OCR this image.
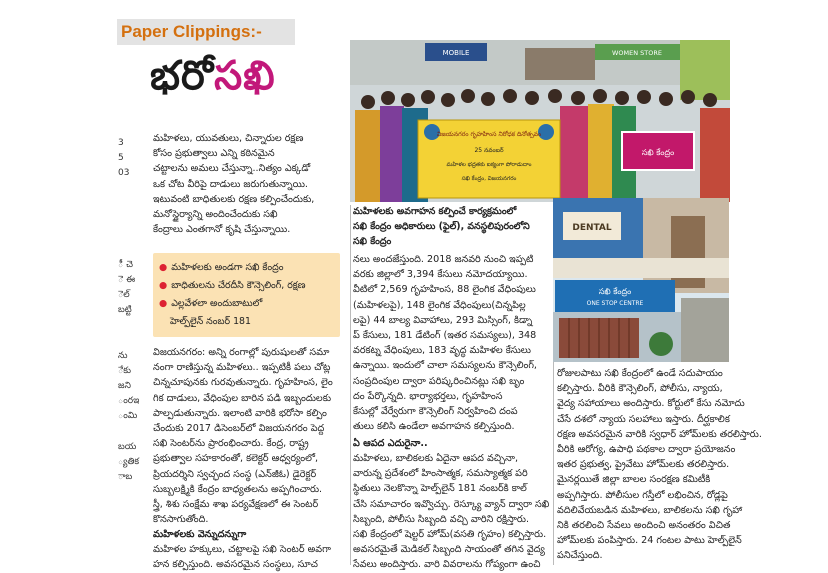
Paper Clippings:-
భరోసఖి
3
5
03
ీ చె
ె ఈ
ెల్
బట్టి
ను
ేకు
జని
ంరఇ
ంమి
బయ
్యతిక
ాబ
మహిళలు, యువతులు, చిన్నారుల రక్షణ
కోసం ప్రభుత్వాలు ఎన్ని కఠినమైన
చట్టాలను అమలు చేస్తున్నా..నిత్యం ఎక్కడో
ఒక చోట వీరిపై దాడులు జరుగుతున్నాయి.
ఇటువంటి బాధితులకు రక్షణ కల్పించేందుకు,
మనోస్థైర్యాన్ని అందించేందుకు సఖి
కేంద్రాలు ఎంతగానో కృషి చేస్తున్నాయి.
● మహిళలకు అండగా సఖి కేంద్రం
● బాధితులను చేరదీసి కౌన్సెలింగ్, రక్షణ
● ఎల్లవేళలా అందుబాటులో
హెల్ప్‌లైన్ నంబర్ 181
విజయనగరం: అన్ని రంగాల్లో పురుషులతో సమా
నంగా రాణిస్తున్న మహిళలు.. ఇప్పటికీ పలు చోట్ల
చిన్నచూపునకు గురవుతున్నారు. గృహహింస, లైం
గిక దాడులు, వేధింపుల బారిన పడి ఇబ్బందులకు
పాల్పడుతున్నారు. ఇలాంటి వారికి భరోసా కల్పిం
చేందుకు 2017 డిసెంబర్‌లో విజయనగరం పెద్ద
సఖి సెంటర్‌ను ప్రారంభించారు. కేంద్ర, రాష్ట్ర
ప్రభుత్వాల సహకారంతో, కలెక్టర్ ఆధ్వర్యంలో,
ప్రియదర్శిని స్వచ్ఛంద సంస్థ (ఎన్‌జీఓ) డైరెక్టర్
సుబ్బలక్ష్మికి కేంద్రం బాధ్యతలను అప్పగించారు.
స్త్రీ, శిశు సంక్షేమ శాఖ పర్యవేక్షణలో ఈ సెంటర్
కొనసాగుతోంది.
మహిళలకు వెన్నుదన్నుగా
మహిళల హక్కులు, చట్టాలపై సఖి సెంటర్ అవగా
హన కల్పిస్తుంది. అవసరమైన సంస్థలు, సూచ
MOBILE	WOMEN STORE
విజయనగరం గృహహింస నిరోధక దినోత్సవం
25 నవంబర్
మహిళల భద్రతకు ఐక్యంగా పోరాడుదాం
సఖి కేంద్రం, విజయనగరం
సఖి కేంద్రం
మహిళలకు అవగాహన కల్పించే కార్యక్రమంలో
సఖి కేంద్రం అధికారులు (ఫైల్), వనస్థలిపురంలోని
సఖి కేంద్రం
DENTAL
సఖి కేంద్రం
ONE STOP CENTRE
నలు అందజేస్తుంది. 2018 జనవరి నుంచి ఇప్పటి
వరకు జిల్లాలో 3,394 కేసులు నమోదయ్యాయి.
వీటిలో 2,569 గృహహింస, 88 లైంగిక వేధింపులు
(మహిళలపై), 148 లైంగిక వేధింపులు(చిన్నపిల్ల
లపై) 44 బాల్య వివాహాలు, 293 మిస్సింగ్, కిడ్నా
ప్ కేసులు, 181 డేటింగ్ (ఇతర సమస్యలు), 348
వరకట్న వేధింపులు, 183 వృద్ధ మహిళల కేసులు
ఉన్నాయి. ఇందులో చాలా సమస్యలను కౌన్సెలింగ్,
సంప్రదింపుల ద్వారా పరిష్కరించినట్లు సఖి బృం
దం పేర్కొన్నది. భార్యాభర్తలు, గృహహింస
కేసుల్లో వేర్వేరుగా కౌన్సెలింగ్ నిర్వహించి దంప
తులు కలిసి ఉండేలా అవగాహన కల్పిస్తుంది.
ఏ ఆపద ఎదురైనా..
మహిళలు, బాలికలకు ఏదైనా ఆపద వచ్చినా,
వారున్న ప్రదేశంలో హింసాత్మక, సమస్యాత్మక పరి
స్థితులు నెలకొన్నా హెల్ప్‌లైన్ 181 నంబర్‌కి కాల్
చేసి సమాచారం ఇవ్వొచ్చు. రెస్క్యూ వ్యాన్ ద్వారా సఖి
సిబ్బంది, పోలీసు సిబ్బంది వచ్చి వారిని రక్షిస్తారు.
సఖి కేంద్రంలో షెల్టర్ హోమ్(వసతి గృహం) కల్పిస్తారు.
అవసరమైతే మెడికల్ సిబ్బంది సాయంతో తగిన వైద్య
సేవలు అందిస్తారు. వారి వివరాలను గోప్యంగా ఉంచి
రోజులపాటు సఖి కేంద్రంలో ఉండే సదుపాయం
కల్పిస్తారు. వీరికి కౌన్సెలింగ్, పోలీసు, న్యాయ,
వైద్య సహాయాలు అందిస్తారు. కోర్టులో కేసు నమోదు
చేసే దశలో న్యాయ సలహాలు ఇస్తారు. దీర్ఘకాలిక
రక్షణ అవసరమైన వారికి స్వధార్ హోమ్‌లకు తరలిస్తారు.
వీరికి ఆరోగ్య, ఉపాధి పథకాల ద్వారా ప్రయోజనం
ఇతర ప్రభుత్వ, ప్రైవేటు హోమ్‌లకు తరలిస్తారు.
మైనర్లయితే జిల్లా బాలల సంరక్షణ కమిటీకి
అప్పగిస్తారు. పోలీసుల గస్తీలో లభించిన, రోడ్లపై
వదిలివేయబడిన మహిళలు, బాలికలను సఖి గృహా
నికి తరలించి సేవలు అందించి అనంతరం విచిత
హోమ్‌లకు పంపిస్తారు. 24 గంటల పాటు హెల్ప్‌లైన్
పనిచేస్తుంది.
